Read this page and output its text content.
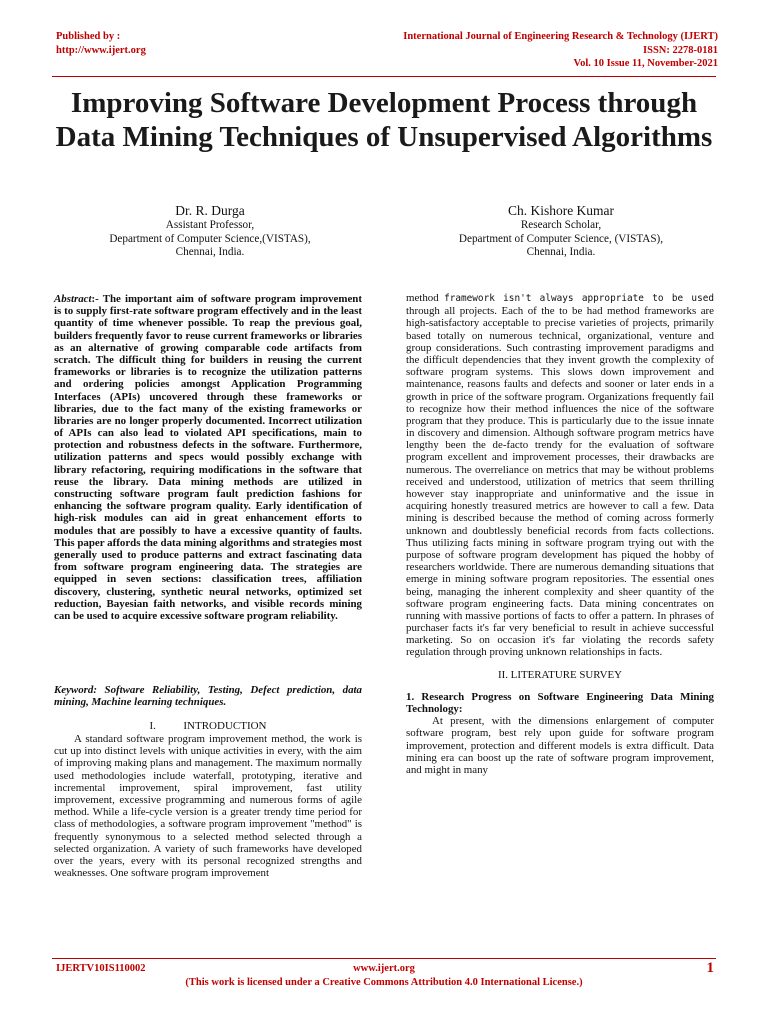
Published by :
http://www.ijert.org
International Journal of Engineering Research & Technology (IJERT)
ISSN: 2278-0181
Vol. 10 Issue 11, November-2021
Improving Software Development Process through Data Mining Techniques of Unsupervised Algorithms
Dr. R. Durga
Assistant Professor,
Department of Computer Science,(VISTAS),
Chennai, India.
Ch. Kishore Kumar
Research Scholar,
Department of Computer Science, (VISTAS),
Chennai, India.

Abstract:- The important aim of software program improvement is to supply first-rate software program effectively and in the least quantity of time whenever possible. To reap the previous goal, builders frequently favor to reuse current frameworks or libraries as an alternative of growing comparable code artifacts from scratch. The difficult thing for builders in reusing the current frameworks or libraries is to recognize the utilization patterns and ordering policies amongst Application Programming Interfaces (APIs) uncovered through these frameworks or libraries, due to the fact many of the existing frameworks or libraries are no longer properly documented. Incorrect utilization of APIs can also lead to violated API specifications, main to protection and robustness defects in the software. Furthermore, utilization patterns and specs would possibly exchange with library refactoring, requiring modifications in the software that reuse the library. Data mining methods are utilized in constructing software program fault prediction fashions for enhancing the software program quality. Early identification of high-risk modules can aid in great enhancement efforts to modules that are possibly to have a excessive quantity of faults. This paper affords the data mining algorithms and strategies most generally used to produce patterns and extract fascinating data from software program engineering data. The strategies are equipped in seven sections: classification trees, affiliation discovery, clustering, synthetic neural networks, optimized set reduction, Bayesian faith networks, and visible records mining can be used to acquire excessive software program reliability.

Keyword: Software Reliability, Testing, Defect prediction, data mining, Machine learning techniques.
I.          INTRODUCTION

A standard software program improvement method, the work is cut up into distinct levels with unique activities in every, with the aim of improving making plans and management. The maximum normally used methodologies include waterfall, prototyping, iterative and incremental improvement, spiral improvement, fast utility improvement, excessive programming and numerous forms of agile method. While a life-cycle version is a greater trendy time period for class of methodologies, a software program improvement "method" is frequently synonymous to a selected method selected through a selected organization. A variety of such frameworks have developed over the years, every with its personal recognized strengths and weaknesses. One software program improvement

method framework isn't always appropriate to be used through all projects. Each of the to be had method frameworks are high-satisfactory acceptable to precise varieties of projects, primarily based totally on numerous technical, organizational, venture and group considerations. Such contrasting improvement paradigms and the difficult dependencies that they invent growth the complexity of software program systems. This slows down improvement and maintenance, reasons faults and defects and sooner or later ends in a growth in price of the software program. Organizations frequently fail to recognize how their method influences the nice of the software program that they produce. This is particularly due to the issue innate in discovery and dimension. Although software program metrics have lengthy been the de-facto trendy for the evaluation of software program excellent and improvement processes, their drawbacks are numerous. The overreliance on metrics that may be without problems received and understood, utilization of metrics that seem thrilling however stay inappropriate and uninformative and the issue in acquiring honestly treasured metrics are however to call a few. Data mining is described because the method of coming across formerly unknown and doubtlessly beneficial records from facts collections. Thus utilizing facts mining in software program trying out with the purpose of software program development has piqued the hobby of researchers worldwide. There are numerous demanding situations that emerge in mining software program repositories. The essential ones being, managing the inherent complexity and sheer quantity of the software program engineering facts. Data mining concentrates on running with massive portions of facts to offer a pattern. In phrases of purchaser facts it's far very beneficial to result in achieve successful marketing. So on occasion it's far violating the records safety regulation through proving unknown relationships in facts.

II. LITERATURE SURVEY

1. Research Progress on Software Engineering Data Mining Technology:

At present, with the dimensions enlargement of computer software program, best rely upon guide for software program improvement, protection and different models is extra difficult. Data mining era can boost up the rate of software program improvement, and might in many

IJERTV10IS110002	www.ijert.org
(This work is licensed under a Creative Commons Attribution 4.0 International License.)
1
